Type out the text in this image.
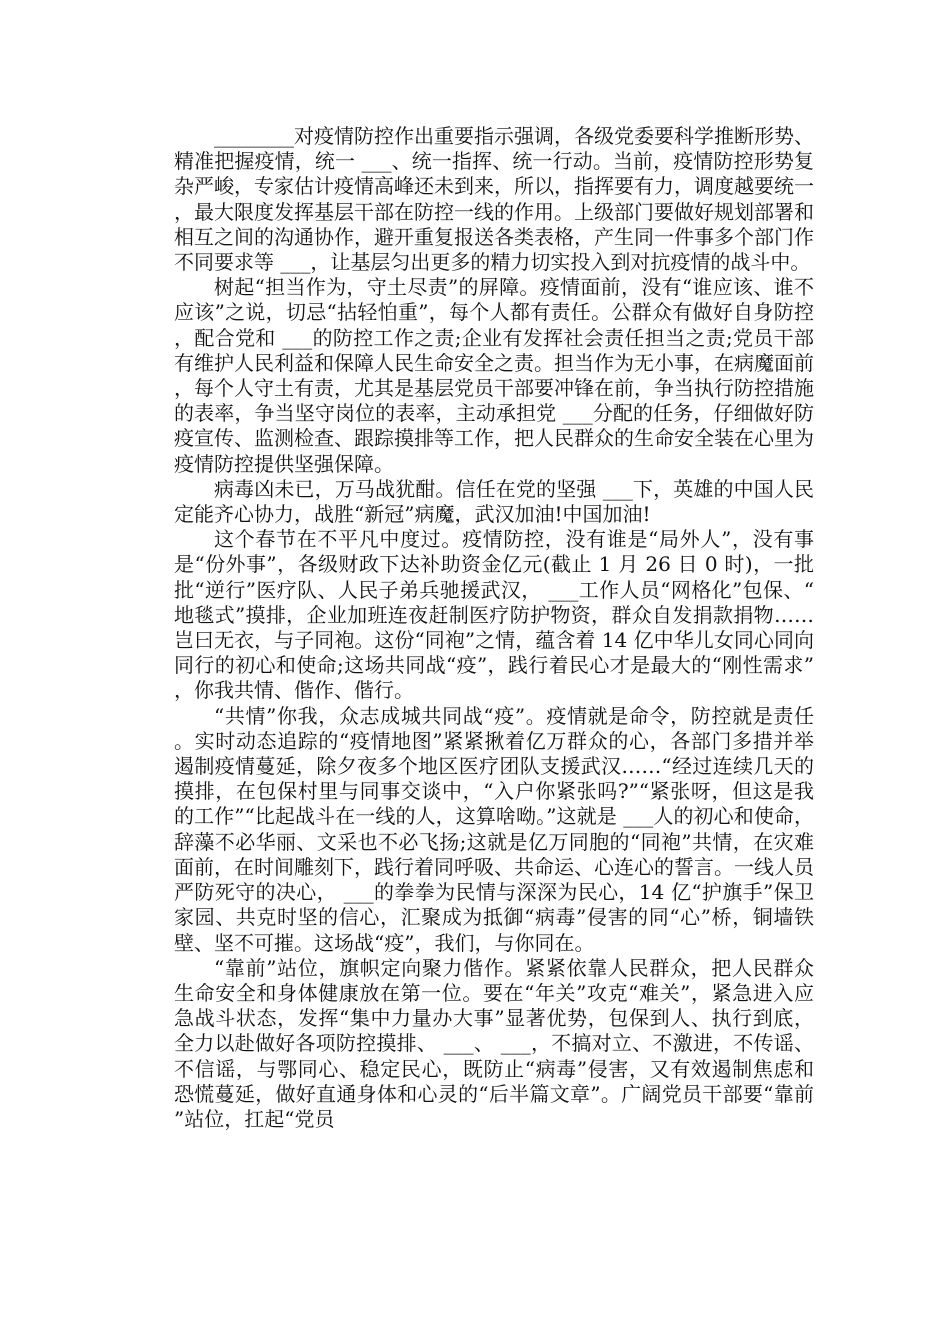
________对疫情防控作出重要指示强调，各级党委要科学推断形势、精准把握疫情，统一 ___、统一指挥、统一行动。当前，疫情防控形势复杂严峻，专家估计疫情高峰还未到来，所以，指挥要有力，调度越要统一，最大限度发挥基层干部在防控一线的作用。上级部门要做好规划部署和相互之间的沟通协作，避开重复报送各类表格，产生同一件事多个部门作不同要求等 ___，让基层匀出更多的精力切实投入到对抗疫情的战斗中。

树起“担当作为，守土尽责”的屏障。疫情面前，没有“谁应该、谁不应该”之说，切忌“拈轻怕重”，每个人都有责任。公群众有做好自身防控，配合党和 ___的防控工作之责;企业有发挥社会责任担当之责;党员干部有维护人民利益和保障人民生命安全之责。担当作为无小事，在病魔面前，每个人守土有责，尤其是基层党员干部要冲锋在前，争当执行防控措施的表率，争当坚守岗位的表率，主动承担党 ___分配的任务，仔细做好防疫宣传、监测检查、跟踪摸排等工作，把人民群众的生命安全装在心里为疫情防控提供坚强保障。

病毒凶未已，万马战犹酣。信任在党的坚强 ___下，英雄的中国人民定能齐心协力，战胜“新冠”病魔，武汉加油!中国加油!

这个春节在不平凡中度过。疫情防控，没有谁是“局外人”，没有事是“份外事”，各级财政下达补助资金亿元(截止 1 月 26 日 0 时)，一批批“逆行”医疗队、人民子弟兵驰援武汉， ___工作人员“网格化”包保、“地毯式”摸排，企业加班连夜赶制医疗防护物资，群众自发捐款捐物……岂曰无衣，与子同袍。这份“同袍”之情，蕴含着 14 亿中华儿女同心同向同行的初心和使命;这场共同战“疫”，践行着民心才是最大的“刚性需求”，你我共情、偕作、偕行。

“共情”你我，众志成城共同战“疫”。疫情就是命令，防控就是责任。实时动态追踪的“疫情地图”紧紧揪着亿万群众的心，各部门多措并举遏制疫情蔓延，除夕夜多个地区医疗团队支援武汉……“经过连续几天的摸排，在包保村里与同事交谈中，“入户你紧张吗?”“紧张呀，但这是我的工作”“比起战斗在一线的人，这算啥呦。”这就是 ___人的初心和使命，辞藻不必华丽、文采也不必飞扬;这就是亿万同胞的“同袍”共情，在灾难面前，在时间雕刻下，践行着同呼吸、共命运、心连心的誓言。一线人员严防死守的决心， ___的拳拳为民情与深深为民心，14 亿“护旗手”保卫家园、共克时坚的信心，汇聚成为抵御“病毒”侵害的同“心”桥，铜墙铁壁、坚不可摧。这场战“疫”，我们，与你同在。

“靠前”站位，旗帜定向聚力偕作。紧紧依靠人民群众，把人民群众生命安全和身体健康放在第一位。要在“年关”攻克“难关”，紧急进入应急战斗状态，发挥“集中力量办大事”显著优势，包保到人、执行到底，全力以赴做好各项防控摸排、 ___、 ___，不搞对立、不激进，不传谣、不信谣，与鄂同心、稳定民心，既防止“病毒”侵害，又有效遏制焦虑和恐慌蔓延，做好直通身体和心灵的“后半篇文章”。广阔党员干部要“靠前”站位，扛起“党员
